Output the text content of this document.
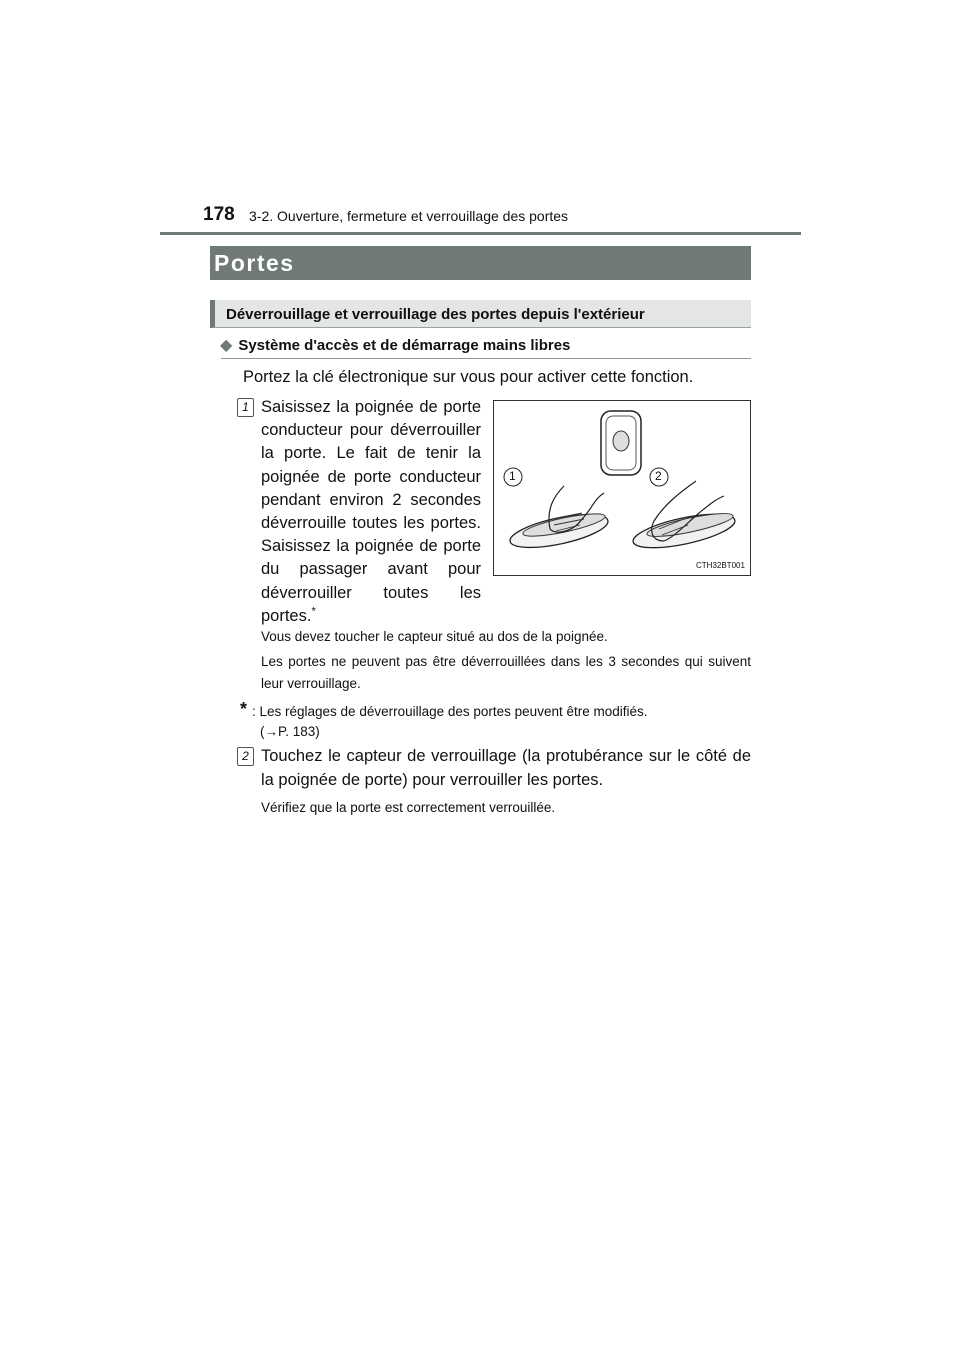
178 3-2. Ouverture, fermeture et verrouillage des portes
Portes
Déverrouillage et verrouillage des portes depuis l'extérieur
◆ Système d'accès et de démarrage mains libres
Portez la clé électronique sur vous pour activer cette fonction.
1 Saisissez la poignée de porte conducteur pour déverrouiller la porte. Le fait de tenir la poignée de porte conducteur pendant environ 2 secondes déverrouille toutes les portes. Saisissez la poignée de porte du passager avant pour déverrouiller toutes les portes.*
1	2
CTH32BT001
Vous devez toucher le capteur situé au dos de la poignée.
Les portes ne peuvent pas être déverrouillées dans les 3 secondes qui suivent leur verrouillage.
* : Les réglages de déverrouillage des portes peuvent être modifiés.
(→P. 183)
2 Touchez le capteur de verrouillage (la protubérance sur le côté de la poignée de porte) pour verrouiller les portes.
Vérifiez que la porte est correctement verrouillée.
